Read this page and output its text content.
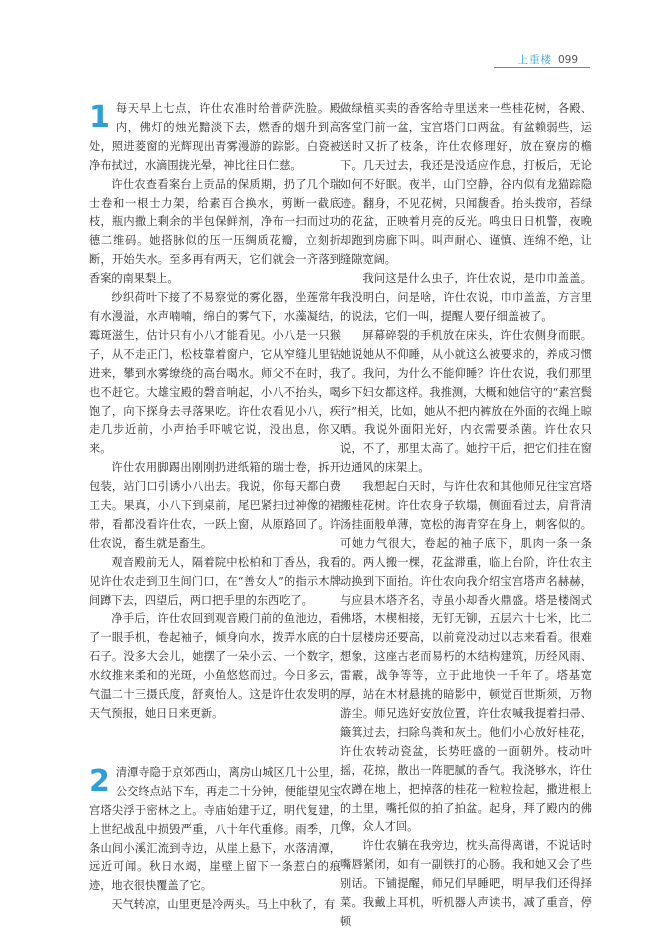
上重楼 099
1 每天早上七点，许仕农准时给普萨洗脸。殿内，佛灯的烛光黯淡下去，燃香的烟升到高处，照进菱窗的光辉现出青雾漫游的踪影。白瓷被净布拭过，水滴围拢光晕，神比往日仁慈。

许仕农查看案台上贡品的保质期，扔了几个瑞士卷和一根士力架，给素百合换水，剪断一截底枝，瓶内撒上剩余的半包保鲜剂，净布一扫而过功德二维码。她搭脉似的压一压绸质花瓣，立刻折断，开始失水。至多再有两天，它们就会一齐落到香案的南果梨上。

纱织荷叶下接了不易察觉的雾化器，坐莲常年有水漫溢，水声喃喃，绵白的雾气下，水藻凝结，霉斑滋生，估计只有小八才能看见。小八是一只猴子，从不走正门，松枝靠着窗户，它从窄缝儿里钻进来，攀到水雾缭绕的高台喝水。师父不在时，我也不赶它。大雄宝殿的磬音响起，小八不抬头，喝饱了，向下探身去寻落果吃。许仕农看见小八，疾走几步近前，小声抬手吓唬它说，没出息，你又来。

许仕农用脚踢出刚刚扔进纸箱的瑞士卷，拆开包装，站门口引诱小八出去。我说，你每天都白费工夫。果真，小八下到桌前，尾巴紧扫过神像的裙带，看都没看许仕农，一跃上窗，从原路回了。许仕农说，畜生就是畜生。

观音殿前无人，隔着院中松柏和丁香丛，我看见许仕农走到卫生间门口，在“善女人”的指示木牌间蹲下去，四望后，两口把手里的东西吃了。

净手后，许仕农回到观音殿门前的鱼池边，看了一眼手机，卷起袖子，倾身向水，拨弄水底的白石子。没多大会儿，她摆了一朵小云、一个数字，水纹推来柔和的光斑，小鱼悠悠而过。今日多云，气温二十三摄氏度，舒爽怡人。这是许仕农发明的天气预报，她日日来更新。

2 清潭寺隐于京郊西山，离房山城区几十公里，公交终点站下车，再走二十分钟，便能望见宝宫塔尖浮于密林之上。寺庙始建于辽，明代复建，上世纪战乱中损毁严重，八十年代重修。雨季，几条山间小溪汇流到寺边，从崖上悬下，水落清潭，远近可闻。秋日水竭，崖壁上留下一条惹白的痕迹，地衣很快覆盖了它。

天气转凉，山里更是冷两头。马上中秋了，有

做绿植买卖的香客给寺里送来一些桂花树，各殿、客堂门前一盆，宝宫塔门口两盆。有盆赖弱些，运送时又折了枝条，许仕农修理好，放在寮房的檐下。几天过去，我还是没适应作息，打板后，无论如何不好眠。夜半，山门空静，谷内似有龙猫踪隐迹。翻身，不见花树，只闻馥香。抬头拨帘，苔绿的花盆，正映着月亮的反光。鸣虫日日机警，夜晚却跑到房廊下叫。叫声耐心、谨慎、连绵不绝，让缝隙宽阔。

我问这是什么虫子，许仕农说，是巾巾盖盖。我没明白，问是啥，许仕农说，巾巾盖盖，方言里的说法，它们一叫，提醒人要仔细盖被了。

屏幕碎裂的手机放在床头，许仕农侧身而眠。她说她从不仰睡，从小就这么被要求的，养成习惯了。我问，为什么不能仰睡？许仕农说，我们那里乡下妇女都这样。我推测，大概和她信守的“素宫鬓行”相关，比如，她从不把内裤放在外面的衣绳上晾晒。我说外面阳光好，内衣需要杀菌。许仕农只说，不了，那里太高了。她拧干后，把它们挂在窗边通风的床架上。

我想起白天时，与许仕农和其他师兄往宝宫塔搬桂花树。许仕农身子软塌，侧面看过去，肩背清汤挂面般单薄，宽松的海青穿在身上，刺客似的。可她力气很大，卷起的袖子底下，肌肉一条一条的。两人搬一棵，花盆滞重，临上台阶，许仕农主动换到下面抬。许仕农向我介绍宝宫塔声名赫赫，与应县木塔齐名，寺虽小却香火鼎盛。塔是楼阁式佛塔，木楔相接，无钉无铆，五层六十七米，比二十层楼房还要高，以前竟没动过以志来看看。很难想象，这座古老而易朽的木结构建筑，历经风雨、雷霰，战争等等，立于此地快一千年了。塔基宽厚，站在木材悬挑的暗影中，顿觉百世斯须，万物游尘。师兄选好安放位置，许仕农喊我提着扫帚、簸箕过去，扫除鸟粪和灰土。他们小心放好桂花，许仕农转动瓷盆，长势旺盛的一面朝外。枝动叶摇，花掠，散出一阵肥腻的香气。我浇够水，许仕农蹲在地上，把掉落的桂花一粒粒捡起，撒进根上的土里，嘴托似的拍了拍盆。起身，拜了殿内的佛像，众人才回。

许仕农躺在我旁边，枕头高得离谱，不说话时嘴唇紧闭，如有一副铁打的心肠。我和她又会了些别话。下铺提醒，师兄们早睡吧，明早我们还得择菜。我戴上耳机，听机器人声读书，减了重音，停顿
